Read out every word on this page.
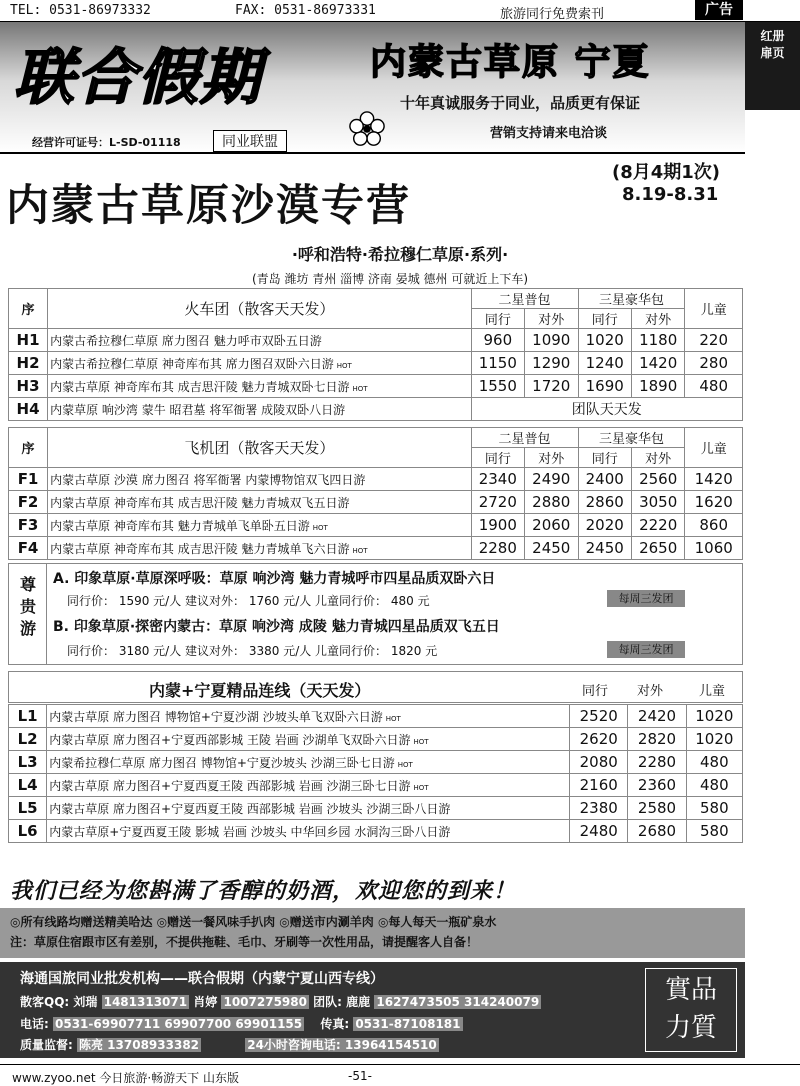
TEL: 0531-86973332	FAX: 0531-86973331	旅游同行免费索刊	广告
红册扉页
联合假期	内蒙古草原 宁夏
十年真诚服务于同业，品质更有保证
营销支持请来电洽谈
经营许可证号：L-SD-01118	同业联盟
内蒙古草原沙漠专营
(8月4期1次)
8.19-8.31
·呼和浩特·希拉穆仁草原·系列·
(青岛 潍坊 青州 淄博 济南 晏城 德州 可就近上下车)
序	火车团（散客天天发）	二星普包		三星豪华包		儿童
		同行	对外	同行	对外	
H1	内蒙古希拉穆仁草原 席力图召 魅力呼市双卧五日游	960	1090	1020	1180	220
H2	内蒙古希拉穆仁草原 神奇库布其 席力图召双卧六日游 HOT	1150	1290	1240	1420	280
H3	内蒙古草原 神奇库布其 成吉思汗陵 魅力青城双卧七日游 HOT	1550	1720	1690	1890	480
H4	内蒙草原 响沙湾 蒙牛 昭君墓 将军衙署 成陵双卧八日游	团队天天发				
序	飞机团（散客天天发）	二星普包		三星豪华包		儿童
		同行	对外	同行	对外	
F1	内蒙古草原 沙漠 席力图召 将军衙署 内蒙博物馆双飞四日游	2340	2490	2400	2560	1420
F2	内蒙古草原 神奇库布其 成吉思汗陵 魅力青城双飞五日游	2720	2880	2860	3050	1620
F3	内蒙古草原 神奇库布其 魅力青城单飞单卧五日游 HOT	1900	2060	2020	2220	860
F4	内蒙古草原 神奇库布其 成吉思汗陵 魅力青城单飞六日游 HOT	2280	2450	2450	2650	1060
尊贵游
A. 印象草原·草原深呼吸：草原 响沙湾 魅力青城呼市四星品质双卧六日
同行价： 1590 元/人 建议对外： 1760 元/人 儿童同行价： 480 元	每周三发团
B. 印象草原·探密内蒙古：草原 响沙湾 成陵 魅力青城四星品质双飞五日
同行价： 3180 元/人 建议对外： 3380 元/人 儿童同行价： 1820 元	每周三发团
内蒙+宁夏精品连线（天天发）	同行 对外	儿童
L1	内蒙古草原 席力图召 博物馆+宁夏沙湖 沙坡头单飞双卧六日游 HOT	2520	2420	1020
L2	内蒙古草原 席力图召+宁夏西部影城 王陵 岩画 沙湖单飞双卧六日游 HOT	2620	2820	1020
L3	内蒙希拉穆仁草原 席力图召 博物馆+宁夏沙坡头 沙湖三卧七日游 HOT	2080	2280	480
L4	内蒙古草原 席力图召+宁夏西夏王陵 西部影城 岩画 沙湖三卧七日游 HOT	2160	2360	480
L5	内蒙古草原 席力图召+宁夏西夏王陵 西部影城 岩画 沙坡头 沙湖三卧八日游	2380	2580	580
L6	内蒙古草原+宁夏西夏王陵 影城 岩画 沙坡头 中华回乡园 水洞沟三卧八日游	2480	2680	580
我们已经为您斟满了香醇的奶酒，欢迎您的到来！
◎所有线路均赠送精美哈达 ◎赠送一餐风味手扒肉 ◎赠送市内涮羊肉 ◎每人每天一瓶矿泉水
注：草原住宿跟市区有差别，不提供拖鞋、毛巾、牙刷等一次性用品，请提醒客人自备！
海通国旅同业批发机构——联合假期（内蒙宁夏山西专线）
散客QQ: 刘瑞 1481313071 肖婷 1007275980 团队: 鹿鹿 1627473505 314240079
电话: 0531-69907711 69907700 69901155 传真: 0531-87108181
质量监督: 陈亮 13708933382	24小时咨询电话: 13964154510
實品力質
www.zyoo.net 今日旅游·畅游天下 山东版	-51-
